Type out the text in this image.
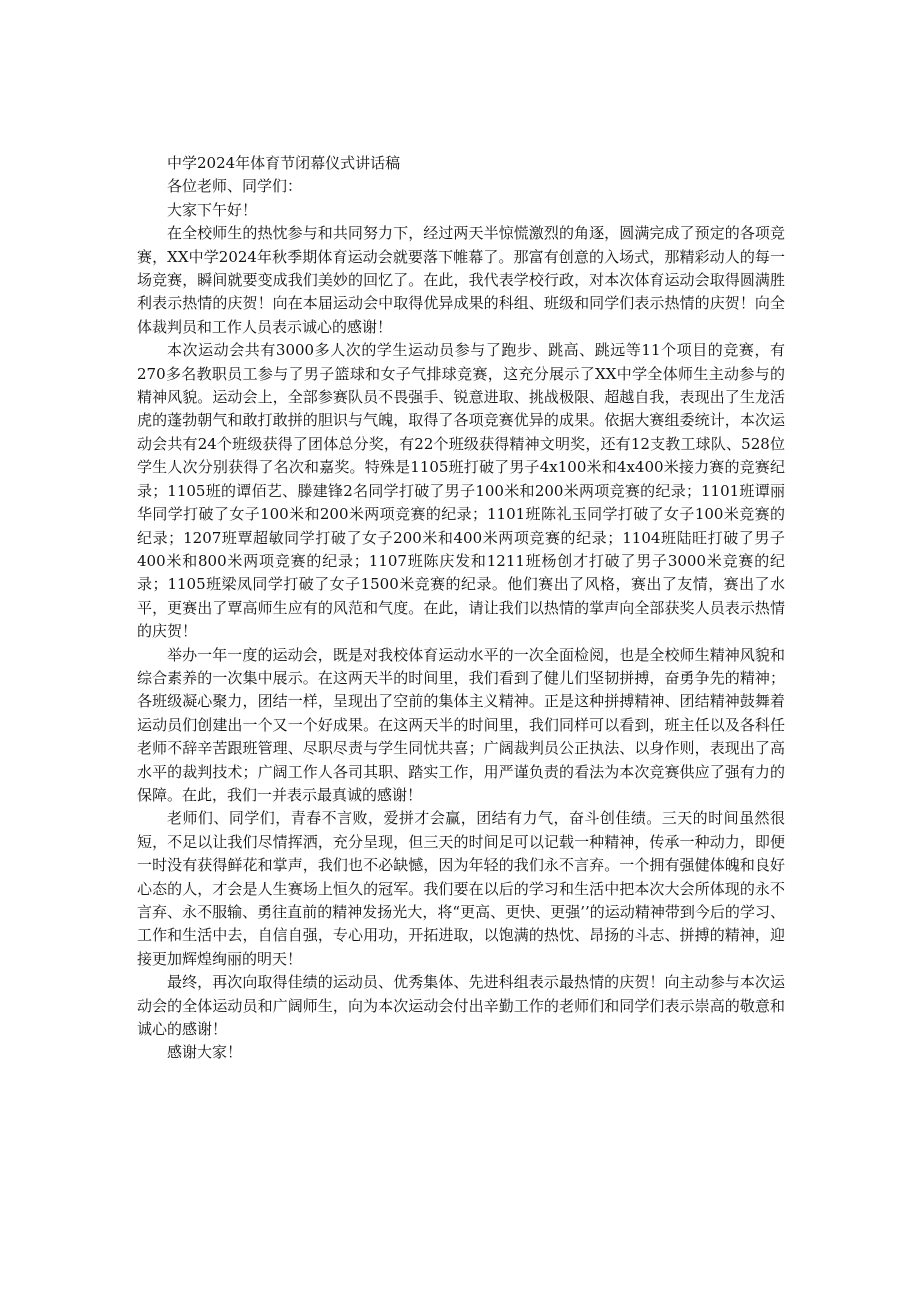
中学2024年体育节闭幕仪式讲话稿

各位老师、同学们：

大家下午好！

在全校师生的热忱参与和共同努力下，经过两天半惊慌激烈的角逐，圆满完成了预定的各项竞赛，XX中学2024年秋季期体育运动会就要落下帷幕了。那富有创意的入场式，那精彩动人的每一场竞赛，瞬间就要变成我们美妙的回忆了。在此，我代表学校行政，对本次体育运动会取得圆满胜利表示热情的庆贺！向在本届运动会中取得优异成果的科组、班级和同学们表示热情的庆贺！向全体裁判员和工作人员表示诚心的感谢！

本次运动会共有3000多人次的学生运动员参与了跑步、跳高、跳远等11个项目的竞赛，有270多名教职员工参与了男子篮球和女子气排球竞赛，这充分展示了XX中学全体师生主动参与的精神风貌。运动会上，全部参赛队员不畏强手、锐意进取、挑战极限、超越自我，表现出了生龙活虎的蓬勃朝气和敢打敢拼的胆识与气魄，取得了各项竞赛优异的成果。依据大赛组委统计，本次运动会共有24个班级获得了团体总分奖，有22个班级获得精神文明奖，还有12支教工球队、528位学生人次分别获得了名次和嘉奖。特殊是1105班打破了男子4x100米和4x400米接力赛的竞赛纪录；1105班的谭佰艺、滕建锋2名同学打破了男子100米和200米两项竞赛的纪录；1101班谭丽华同学打破了女子100米和200米两项竞赛的纪录；1101班陈礼玉同学打破了女子100米竞赛的纪录；1207班覃超敏同学打破了女子200米和400米两项竞赛的纪录；1104班陆旺打破了男子400米和800米两项竞赛的纪录；1107班陈庆发和1211班杨创才打破了男子3000米竞赛的纪录；1105班梁凤同学打破了女子1500米竞赛的纪录。他们赛出了风格，赛出了友情，赛出了水平，更赛出了覃高师生应有的风范和气度。在此，请让我们以热情的掌声向全部获奖人员表示热情的庆贺！

举办一年一度的运动会，既是对我校体育运动水平的一次全面检阅，也是全校师生精神风貌和综合素养的一次集中展示。在这两天半的时间里，我们看到了健儿们坚韧拼搏，奋勇争先的精神；各班级凝心聚力，团结一样，呈现出了空前的集体主义精神。正是这种拼搏精神、团结精神鼓舞着运动员们创建出一个又一个好成果。在这两天半的时间里，我们同样可以看到，班主任以及各科任老师不辞辛苦跟班管理、尽职尽责与学生同忧共喜；广阔裁判员公正执法、以身作则，表现出了高水平的裁判技术；广阔工作人各司其职、踏实工作，用严谨负责的看法为本次竞赛供应了强有力的保障。在此，我们一并表示最真诚的感谢！

老师们、同学们，青春不言败，爱拼才会赢，团结有力气，奋斗创佳绩。三天的时间虽然很短，不足以让我们尽情挥洒，充分呈现，但三天的时间足可以记载一种精神，传承一种动力，即便一时没有获得鲜花和掌声，我们也不必缺憾，因为年轻的我们永不言弃。一个拥有强健体魄和良好心态的人，才会是人生赛场上恒久的冠军。我们要在以后的学习和生活中把本次大会所体现的永不言弃、永不服输、勇往直前的精神发扬光大，将“更高、更快、更强’’的运动精神带到今后的学习、工作和生活中去，自信自强，专心用功，开拓进取，以饱满的热忱、昂扬的斗志、拼搏的精神，迎接更加辉煌绚丽的明天！

最终，再次向取得佳绩的运动员、优秀集体、先进科组表示最热情的庆贺！向主动参与本次运动会的全体运动员和广阔师生，向为本次运动会付出辛勤工作的老师们和同学们表示崇高的敬意和诚心的感谢！

感谢大家！
